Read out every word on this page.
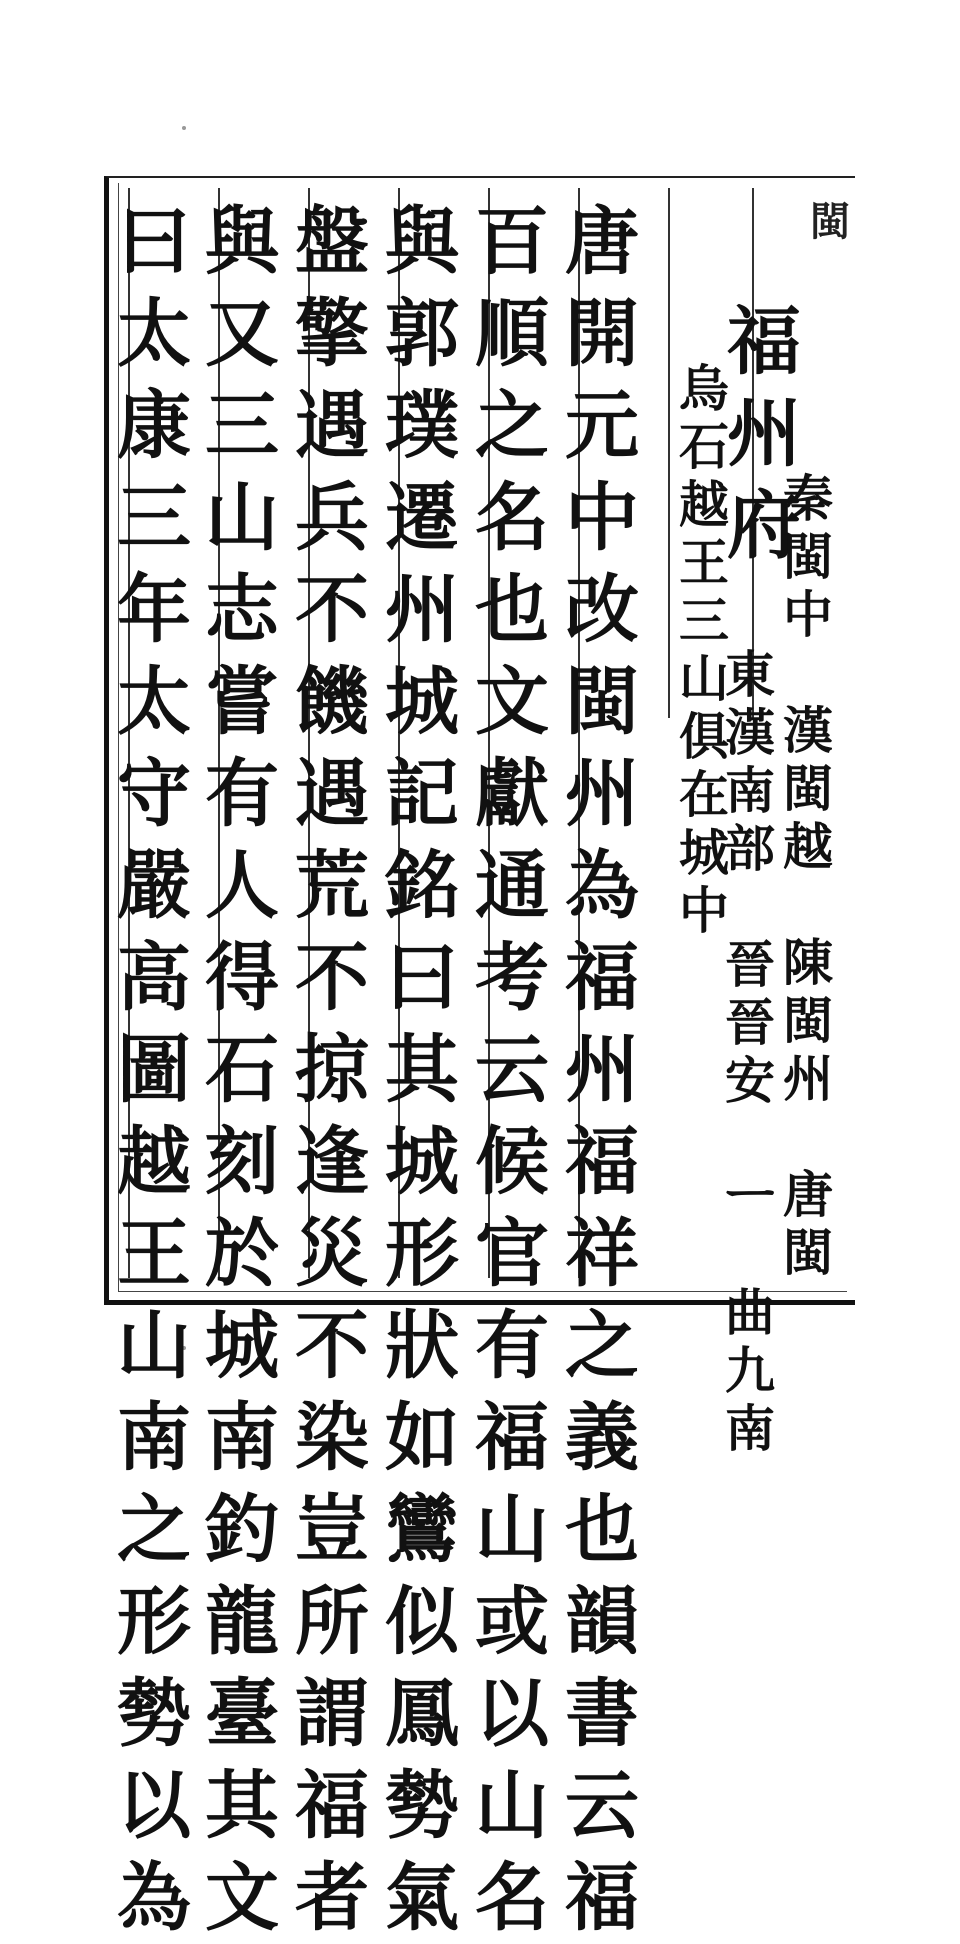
閩
福
州
府
秦
閩
中

漢
閩
越

陳
閩
州

唐
閩
東
漢
南
部

晉
晉
安

ㅡ

曲
九
南
烏
石
越
王
三
山
俱
在
城
中
唐
開
元
中
改
閩
州
為
福
州
福
祥
之
義
也
韻
書
云
福
百
順
之
名
也
文
獻
通
考
云
候
官
有
福
山
或
以
山
名
與
郭
璞
遷
州
城
記
銘
曰
其
城
形
狀
如
鸞
似
鳳
勢
氣
盤
擎
遇
兵
不
饑
遇
荒
不
掠
逢
災
不
染
豈
所
謂
福
者
與
又
三
山
志
嘗
有
人
得
石
刻
於
城
南
釣
龍
臺
其
文
曰
太
康
三
年
太
守
嚴
高
圖
越
王
山
南
之
形
勢
以
為
